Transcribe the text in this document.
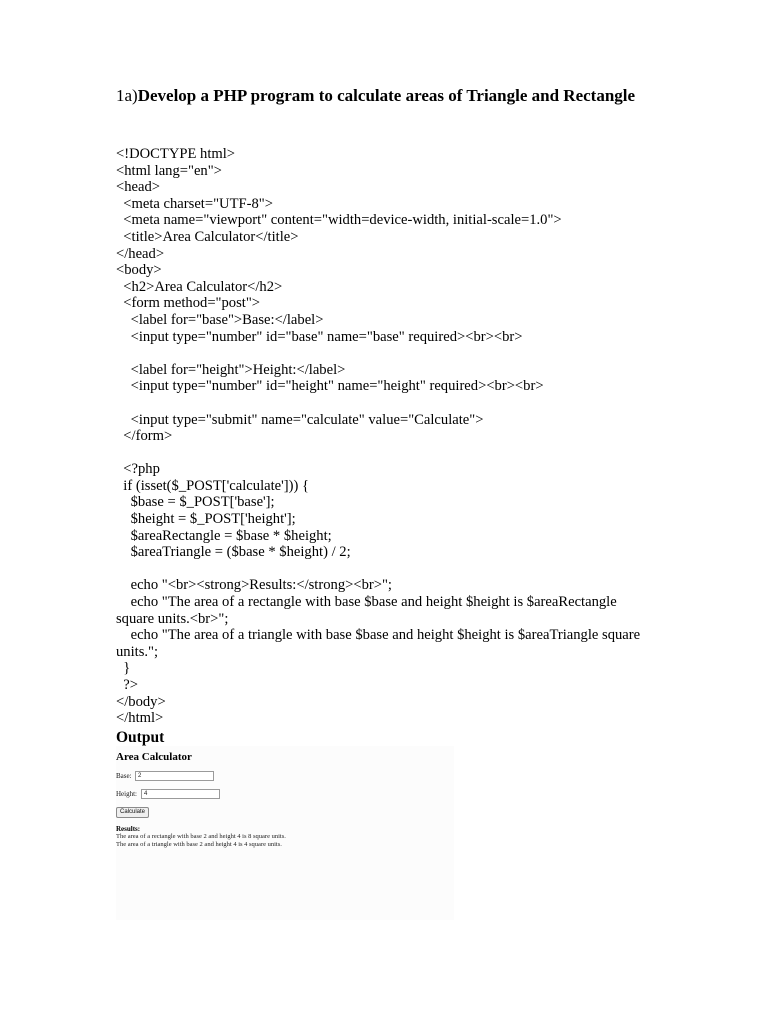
1a)Develop a PHP program to calculate areas of Triangle and Rectangle
<!DOCTYPE html>
<html lang="en">
<head>
<meta charset="UTF-8">
<meta name="viewport" content="width=device-width, initial-scale=1.0">
<title>Area Calculator</title>
</head>
<body>
<h2>Area Calculator</h2>
<form method="post">
<label for="base">Base:</label>
<input type="number" id="base" name="base" required><br><br>

<label for="height">Height:</label>
<input type="number" id="height" name="height" required><br><br>

<input type="submit" name="calculate" value="Calculate">
</form>

<?php
if (isset($_POST['calculate'])) {
$base = $_POST['base'];
$height = $_POST['height'];
$areaRectangle = $base * $height;
$areaTriangle = ($base * $height) / 2;

echo "<br><strong>Results:</strong><br>";
echo "The area of a rectangle with base $base and height $height is $areaRectangle square units.<br>";
echo "The area of a triangle with base $base and height $height is $areaTriangle square units.";
}
?>
</body>
</html>
Output
Area Calculator
Base:	2
Height:	4
Calculate
Results:
The area of a rectangle with base 2 and height 4 is 8 square units.
The area of a triangle with base 2 and height 4 is 4 square units.
